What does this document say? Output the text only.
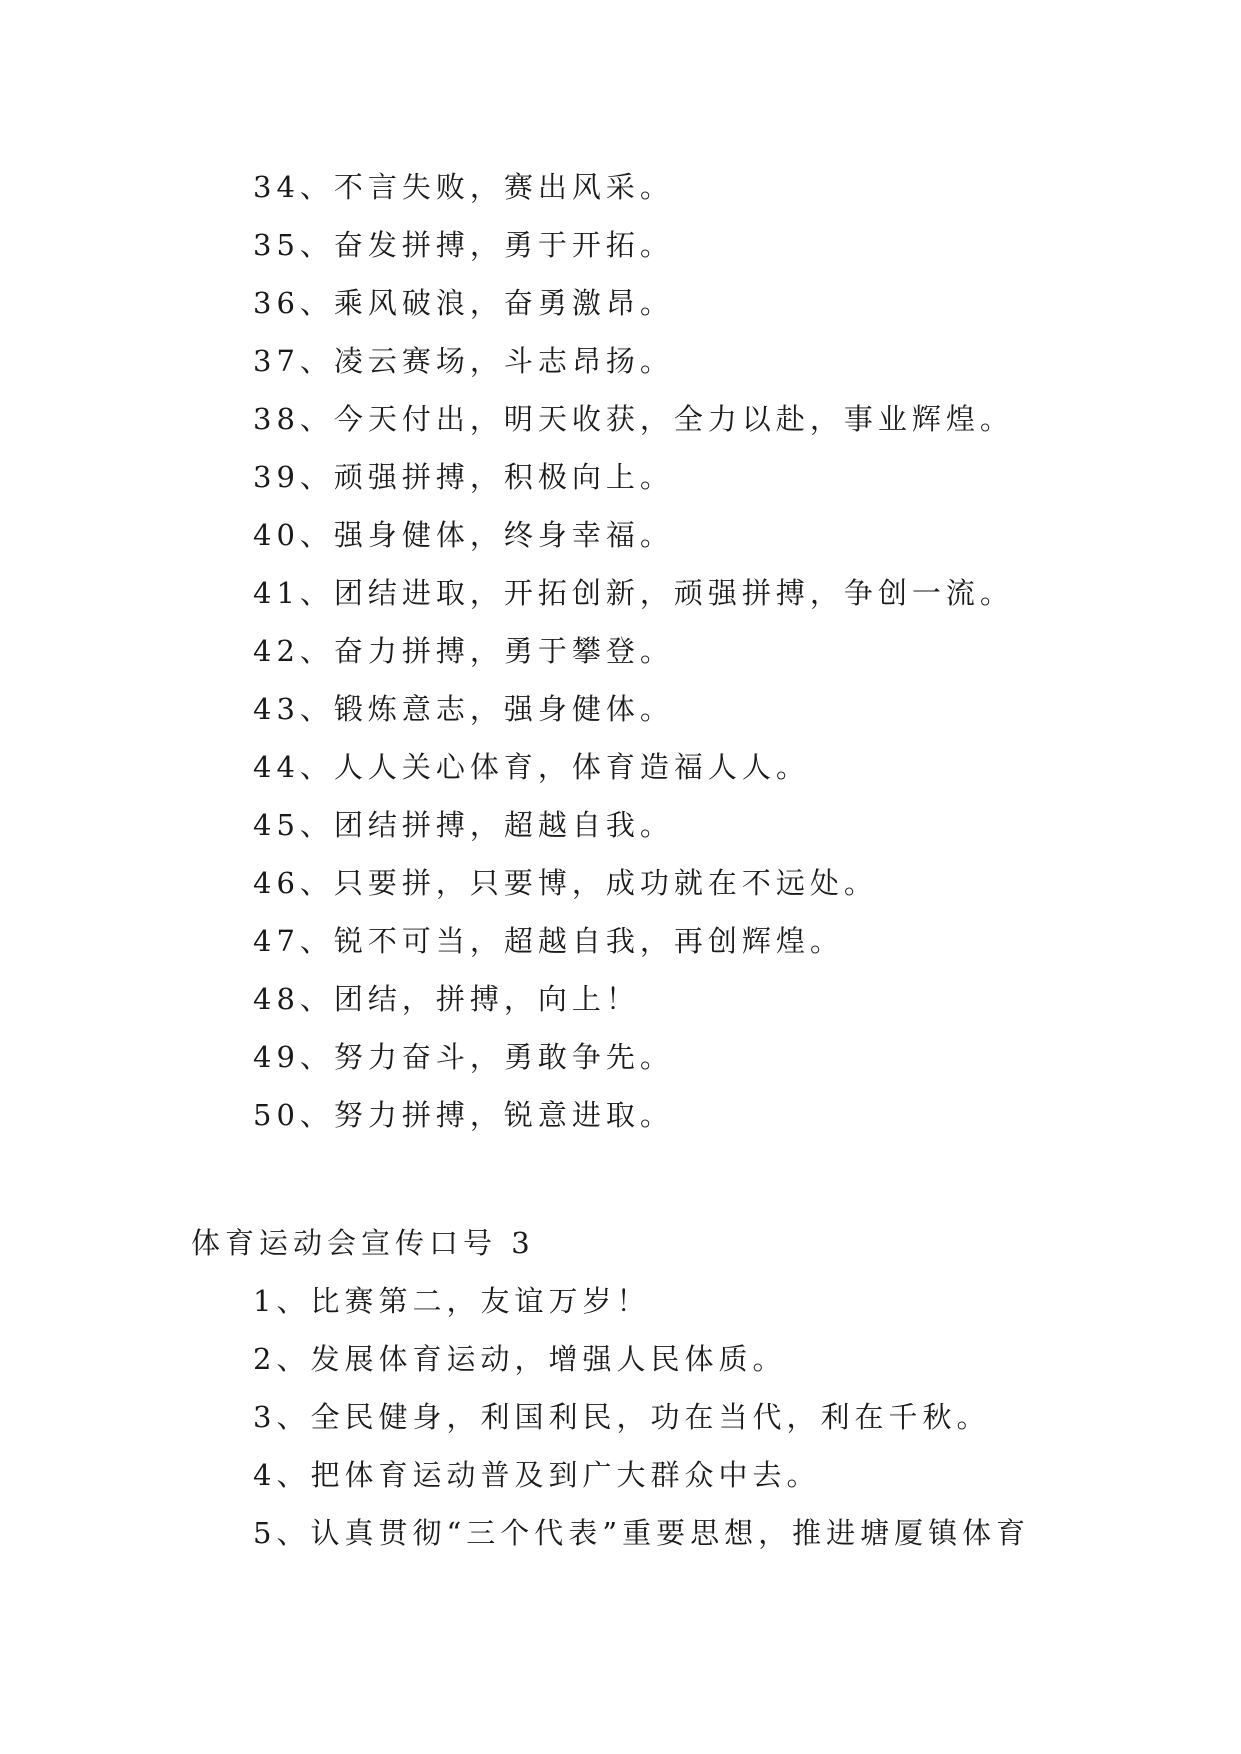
34、不言失败，赛出风采。
35、奋发拼搏，勇于开拓。
36、乘风破浪，奋勇激昂。
37、凌云赛场，斗志昂扬。
38、今天付出，明天收获，全力以赴，事业辉煌。
39、顽强拼搏，积极向上。
40、强身健体，终身幸福。
41、团结进取，开拓创新，顽强拼搏，争创一流。
42、奋力拼搏，勇于攀登。
43、锻炼意志，强身健体。
44、人人关心体育，体育造福人人。
45、团结拼搏，超越自我。
46、只要拼，只要博，成功就在不远处。
47、锐不可当，超越自我，再创辉煌。
48、团结，拼搏，向上！
49、努力奋斗，勇敢争先。
50、努力拼搏，锐意进取。
体育运动会宣传口号 3
1、比赛第二，友谊万岁！
2、发展体育运动，增强人民体质。
3、全民健身，利国利民，功在当代，利在千秋。
4、把体育运动普及到广大群众中去。
5、认真贯彻“三个代表”重要思想，推进塘厦镇体育
